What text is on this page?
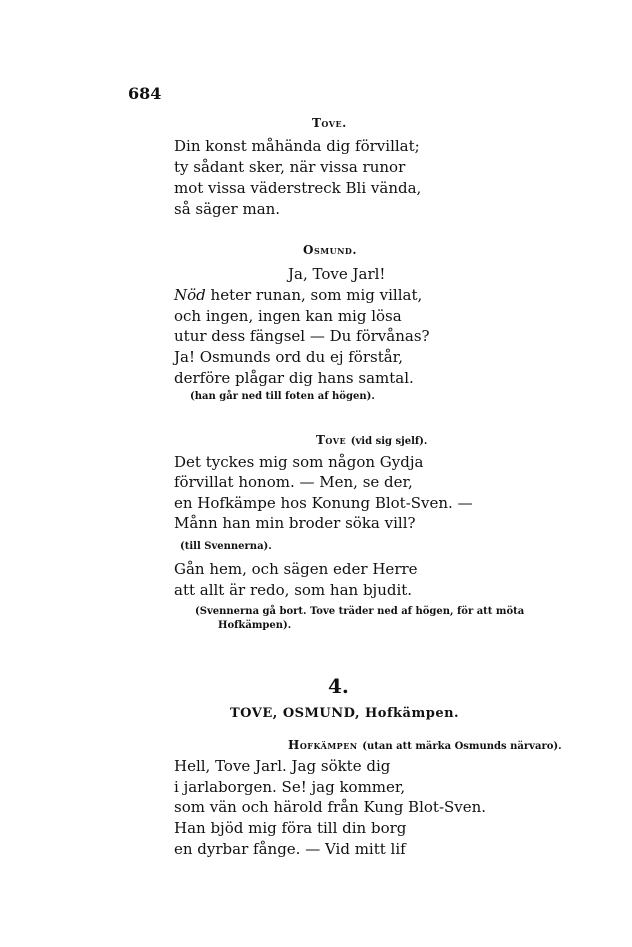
684
Tove.
Din konst måhända dig förvillat;
ty sådant sker, när vissa runor
mot vissa väderstreck Bli vända,
så säger man.
Osmund.
Ja, Tove Jarl!
Nöd heter runan, som mig villat,
och ingen, ingen kan mig lösa
utur dess fängsel — Du förvånas?
Ja! Osmunds ord du ej förstår,
derföre plågar dig hans samtal.
(han går ned till foten af högen).
Tove (vid sig sjelf).
Det tyckes mig som någon Gydja
förvillat honom. — Men, se der,
en Hofkämpe hos Konung Blot-Sven. —
Månn han min broder söka vill?
(till Svennerna).
Gån hem, och sägen eder Herre
att allt är redo, som han bjudit.
(Svennerna gå bort. Tove träder ned af högen, för att möta
Hofkämpen).
4.
TOVE, OSMUND, Hofkämpen.
Hofkämpen (utan att märka Osmunds närvaro).
Hell, Tove Jarl. Jag sökte dig
i jarlaborgen. Se! jag kommer,
som vän och härold från Kung Blot-Sven.
Han bjöd mig föra till din borg
en dyrbar fånge. — Vid mitt lif
